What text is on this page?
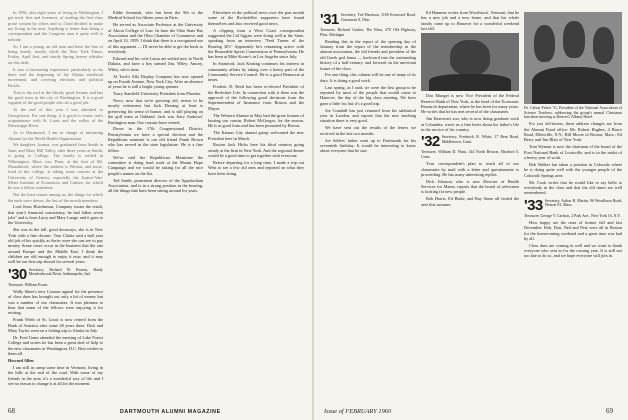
In 1956, also eight years of living in Washington, I got tired, first and foremost, of reading the first-class prose written by others and so I had decided to make my living in the area. Anything is better than being a correspondent and the Congress runs it quite well to nobody.

So, I am a young, an old man and have the fear of being lonely, mostly while the New York Times, Friday, April first, and sturdy Spring breeze whistles on this desk.

It was a fascinating experience, particularly so far there and the beginning of the Alaska statehood movement, and covering elections and political Pacific.

Tom is the tool at the bloody good fortune and has the good story in the city of Washington. It is a good vignette of the good people who do a good job.

At the end of this year I was admitted to Georgetown. For one thing, it is good to renew one's acquaintance with St. Louis and the valley of the Mississippi River.

As to Dartmouth, I am in charge of informing Alumni for the World Health Organization.

We daughter, Joanna, was graduated from Smith in June; and Mary Hill Valley, after three years at Smith, is going to College. The family is settled in Wilmington, Mass. too, Penn, at the foot of Mt. Monadnock, where the address is Weston, and more, fond of the college, is taking some courses at the University of Geneva, especially the Justice-Van-Meter Institute of Economics and Culture, for which he was a fellow sometime.

Not the least reason among us, the things for which the ends were drawn, the last of the month members.

Lord Jesus Hutchinson, Company issues the result, that year's financial consistency, he had fallen seven jobs" and is from Larry and Mary Lange, and it goes to the University.

She was in the fall, good doorways, she is in New York with a fine chronic. Tom Clarke said a half year old job of his quickly as theirs were she can see to pay money. Some cases occur in the business that the one around Europe and the Middle East. I think the children are old enough to enjoy it now, and it may well be our first trip abroad for several years.

'30 Secretary, Richard W. Bowen, Shady Meadowbrook Drive, Indianapolis, Ind.

Treasurer, William Evans

Wally Sheer's new Cosmos appeal for the presence of class dues has brought out only a bit of money but was a number of our classmates. It was pleasant to hear that some of the fellows were enjoying it for retiring.

Frank Wirth of St. Louis is now retired from the Bank of America after some 28 years there. Dick and Mary Taylor went on a fishing trip to Alaska in July.

Dr. Fred Grant attended the meeting of Lake Forest College and writes he has been a great deal of help to the new classmates in Washington, D.C. Best wishes to them all.

Howard Allen

I am still in camp some time in Vermont, living in the hills at the end of the road. With some of my friends in the area, it's a wonderful way of life and I see no reason to change it at all for the moment.

Eddie Jeremiah, who has been the 9th to the Medical School for fifteen years in Paris.

He served as Associate Professor at the University of Akron College of Law. In June the Ohio State Bar Association and the Ohio Chamber of Commerce and on April 14, 1959. I think that there is a recognized use of this argument — I'll never be able to get the book to everybody.

Edward and his wife Laura are settled now in North Dakota, and have a boy named Jim, Wiley. Amory, Wiley, who's nine.

Al Tuck's Alla Display Company has now opened up on Fourth Avenue, New York City. After an absence of years he is still a bright young spinner.

Tracy Stanfield University President from Phoenix.

News, now that we're growing old, seems to be mostly retirement but Jack Dearing at least is preserving his sense of humor, and is still playing on the golf team at Oakland. Jack was Jerry Andrews' Burlington man. Our cousins have retired.

Down in the 17th Congressional District, Pennsylvania we have a special election and the Republican nominee is our old friend Frank Brown who has served in the state legislature. He is a fine fellow.

We've said the Republican. Meantime the committee is doing hard work at the Mount Hope Campaign and we would be asking for all the nice people's names on the list.

Ted Smith, prominent director of the Appalachian Association, and is in a strong position in the hearing, all the things that have been sitting around for years.

Elsewhere in the political news over the past month some of the Rockefeller supporters have found themselves and also received good news.

A clipping from a West Coast correspondent suggested the Cal Aggies were doing well at the State, speaking from an interview "Fred Turner of the Roaring 30's" Apparently he's remaining active with the Honorable Sports Commission of Pennsylvania. He has been at Mike Krone's in Los Angeles since July.

In Stamford, Jack Keating continues his interest in community affairs by taking over a heavy part of the Community Service Council. He is a good Democrat at times.

Frederic D. Reed has been re-elected President of the Berkshire Life. In connection with it there was the approval of the following good decisions from the Superintendent of Insurance from Boston and the Mayor.

The Western Alumni in May had the great fortune of hosting our cousin, Robert McGregor, for the season. He is in good form and has been promoted by Brown.

The Kansas City alumni group welcomed the new President here in March.

Boston Jack Hicks here his third reunion going steady at the firm in New York. And the regional dinner would be a good time to get together with everyone.

Before departing for a long time, I made a trip out West to see a few old ones and reported on what they have been doing.

68	DARTMOUTH ALUMNI MAGAZINE
'31 Secretary, Ted Harrison, 1100 Kenwood Road, Cincinnati 8, Ohio

Treasurer, Richard Gruber, The Elms, 470 Old Highway, Flint, Michigan

Reading this in the report of the opening day of January from the report of the membership in the alumni association, the old friends and president of the old Greek god Janus — backward into the outstanding history of a half-century, and forward on the uncertain future of the class.

For one thing, this column will be one of many of its days. It is doing a good work.

Last spring, as I said, we were the first group to be reported by most of the people that would come to Hanover, the day of the big class meeting. We have gone a little far, but it's a good trip.

Joe Crandall has just returned from his sabbatical year in London, and reports that the new teaching situation there is very good.

We have sent out the results of the letters we received in the last two months.

Joe Sellers' father went up to Dartmouth for his seventieth birthday. It would be interesting to know about everyone that he saw.

Ed Hammer writes from Woodstock, Vermont, that he has a new job and a new home, and that his whole family came up to Hanover for a wonderful weekend last fall.

Don Munger is now Vice President of the Federal Reserve Bank of New York, at the head of the Economic Research department, where he has been for many years. He writes that he has met several of the classmates.

Jim Emerson's son, who is now doing graduate work at Columbia, wrote us a fine letter about his father's life in the service of his country.

'32 Secretary, Frederick R. White, 17 Bent Road, Middletown, Conn.

Treasurer, William D. Hunt, 144 North Beacon, Hartford 5, Conn.

Your correspondent's plan to reach all of our classmates by mail with a letter and questionnaire is proceeding. He has many interesting replies.

Dick Johnson, who is now Director of Health Services for Maine, reports that the board of selectmen is looking for new people.

Bob Harris, Ed Blake, and Ray Stone all visited the area this summer.

Dr. Calvin Fisher '31, President of the National Association of Science Teachers, addressing the group's annual Christmas luncheon meeting at Denver's Albany Hotel.

For you old-timers, these address changes are from the Alumni Fund office: Mr. Robert Hughes, 4 Bruce Road, Ellenville, N.Y.; Bill Moore of Boston, Mass.; Ed Berry and Jim Blair of New York.

Tom Wyman is now the chairman of the board of the First National Bank of Louisville, and is in the midst of a heavy year of work.

Bob Walker has taken a position in Colorado where he is doing quite well with the younger people of the Colorado Springs area.

Mr. Cook writes that he would like to say hello to everybody in the class and that the old times are well remembered.

'33 Secretary, Arthur R. Martin, 96 Woodlawn Road, Weston 93, Mass.

Treasurer, George V. Carlson, 2 Park Ave., New York 16, N.Y.

How happy are the ones of former fall and last December. Bob, Don, Ned and Pete were all in Boston for the homecoming weekend and a great time was had by all.

Class dues are coming in well and we want to thank everyone who sent in for the coming year. It is still not too late to do so, and we hope everyone will join in.

Issue of FEBRUARY 1960	69
